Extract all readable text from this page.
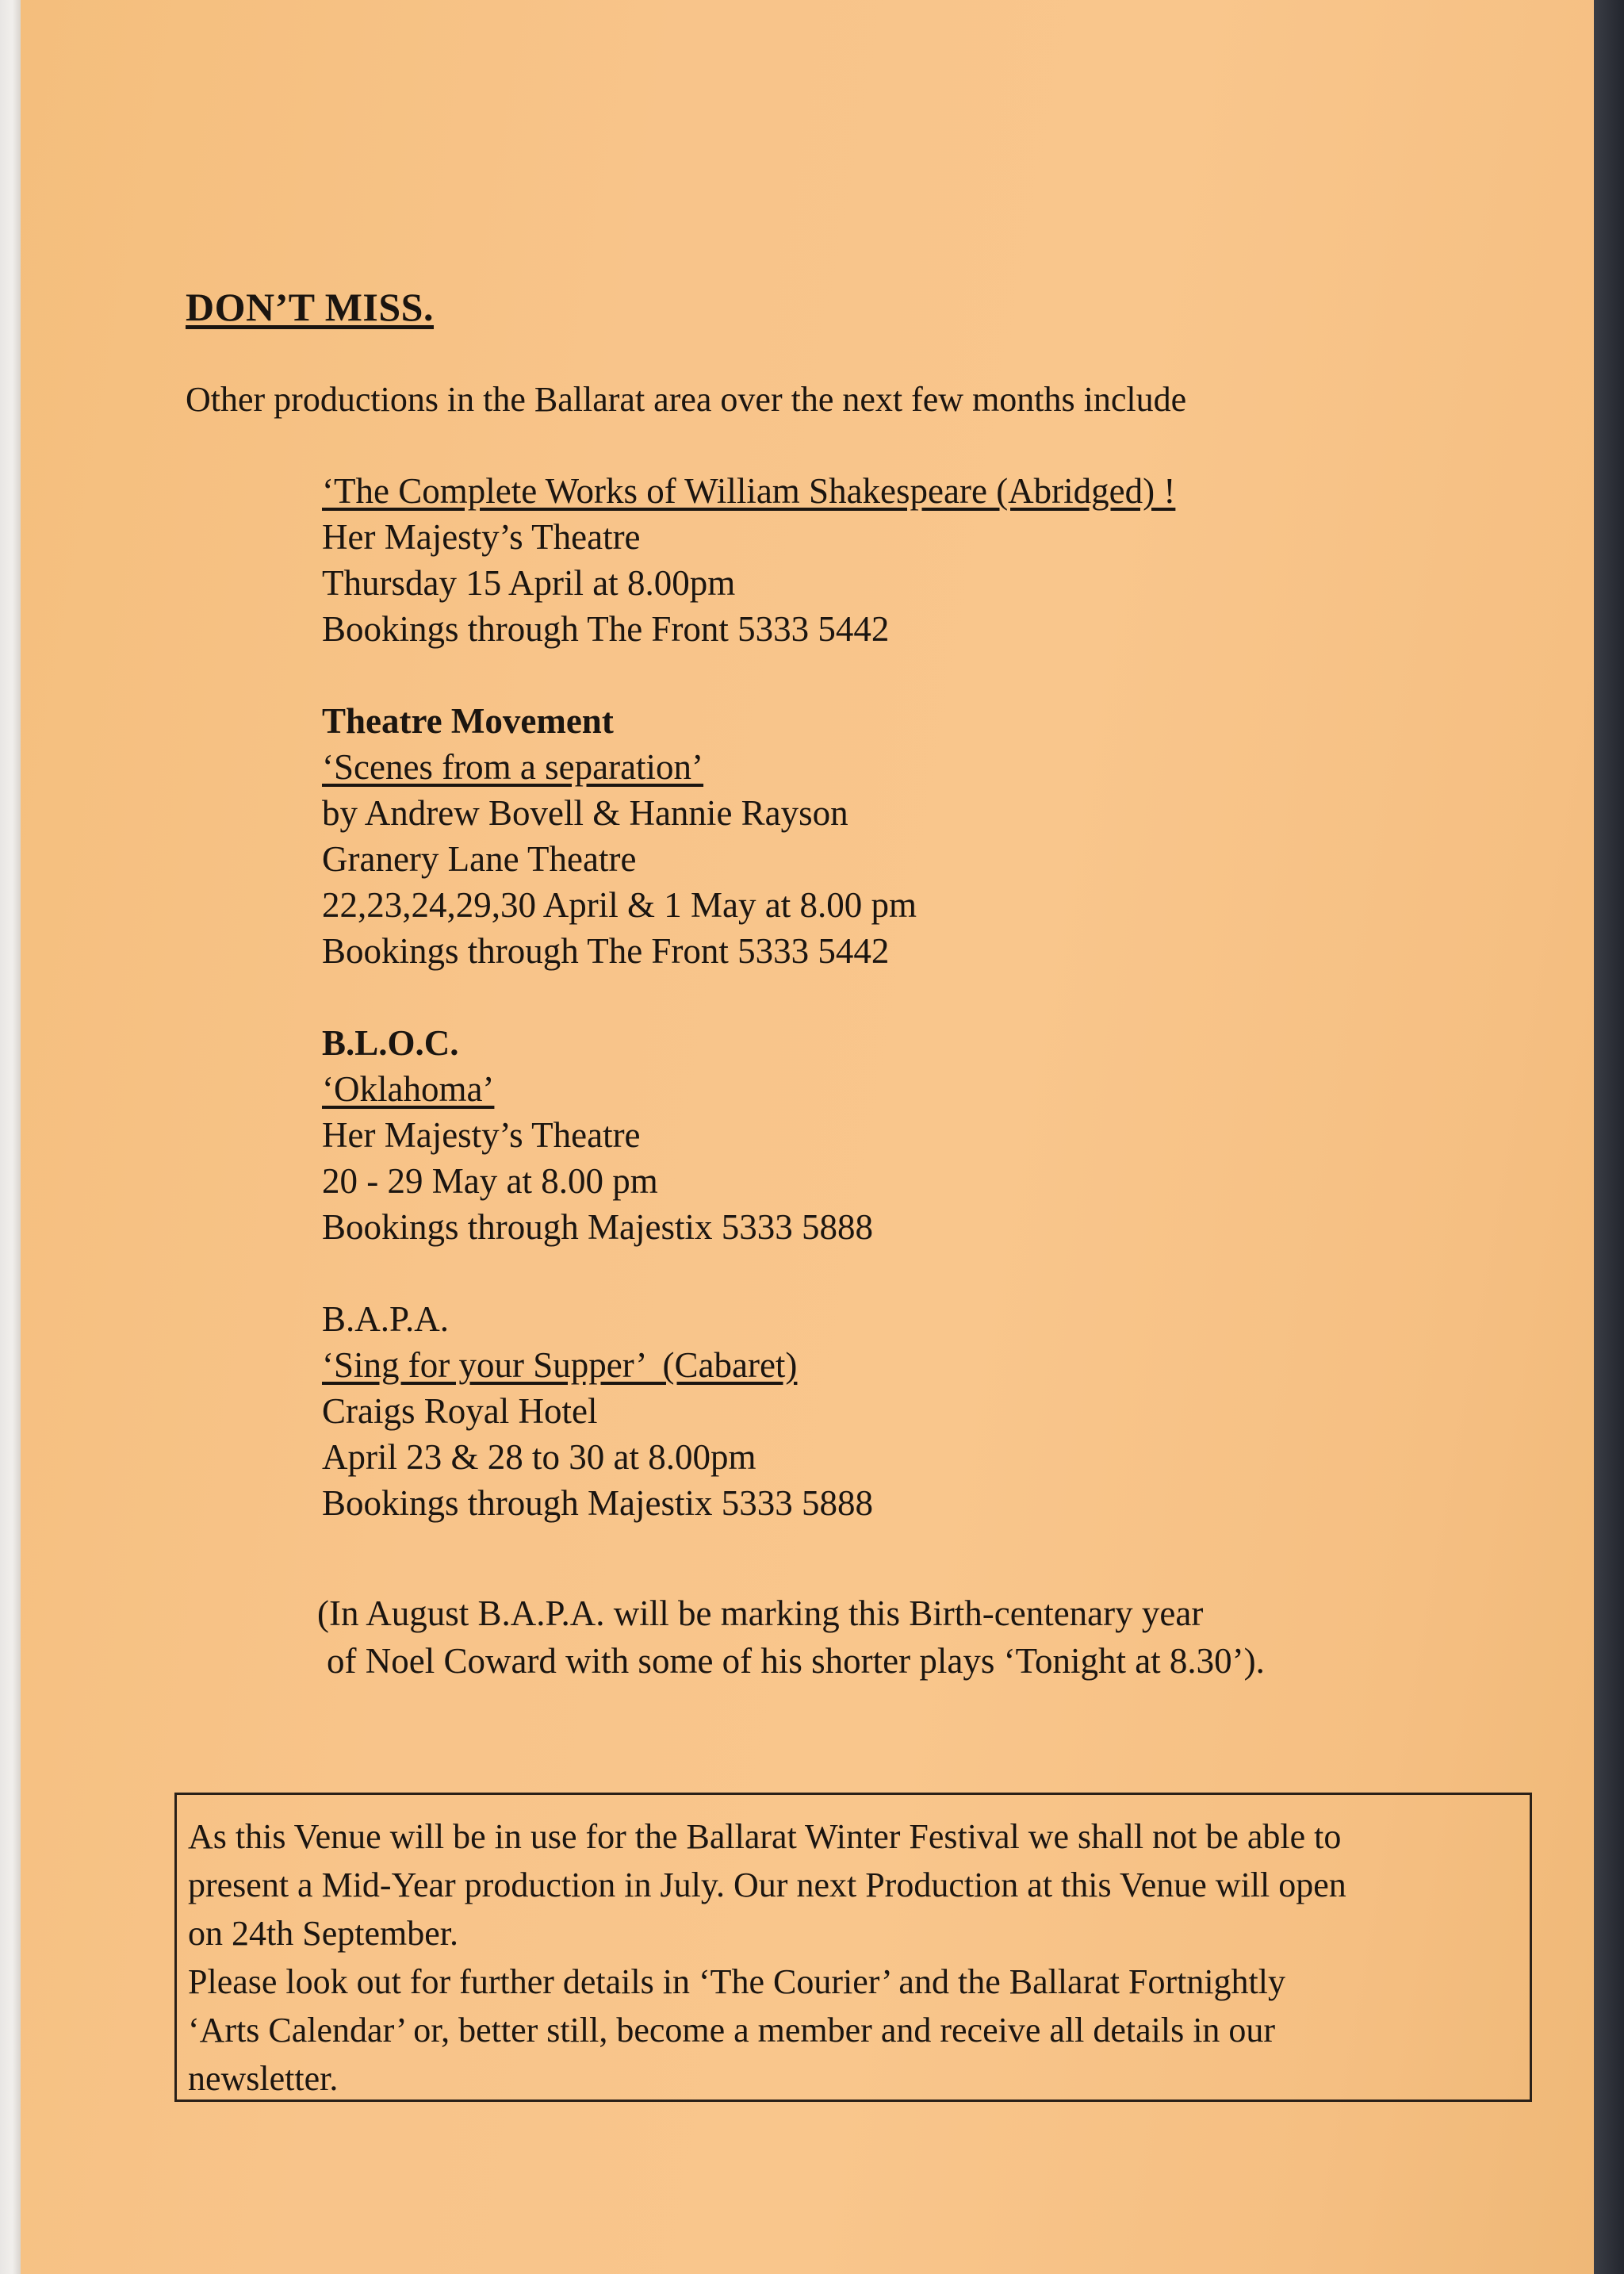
DON’T MISS.
Other productions in the Ballarat area over the next few months include
‘The Complete Works of William Shakespeare (Abridged) !
Her Majesty’s Theatre
Thursday 15 April at 8.00pm
Bookings through The Front 5333 5442
Theatre Movement
‘Scenes from a separation’
by Andrew Bovell & Hannie Rayson
Granery Lane Theatre
22,23,24,29,30 April & 1 May at 8.00 pm
Bookings through The Front 5333 5442
B.L.O.C.
‘Oklahoma’
Her Majesty’s Theatre
20 - 29 May at 8.00 pm
Bookings through Majestix 5333 5888
B.A.P.A.
‘Sing for your Supper’  (Cabaret)
Craigs Royal Hotel
April 23 & 28 to 30 at 8.00pm
Bookings through Majestix 5333 5888
(In August B.A.P.A. will be marking this Birth-centenary year
of Noel Coward with some of his shorter plays ‘Tonight at 8.30’).
As this Venue will be in use for the Ballarat Winter Festival we shall not be able to
present a Mid-Year production in July. Our next Production at this Venue will open
on 24th September.
Please look out for further details in ‘The Courier’ and the Ballarat Fortnightly
‘Arts Calendar’ or, better still, become a member and receive all details in our
newsletter.
